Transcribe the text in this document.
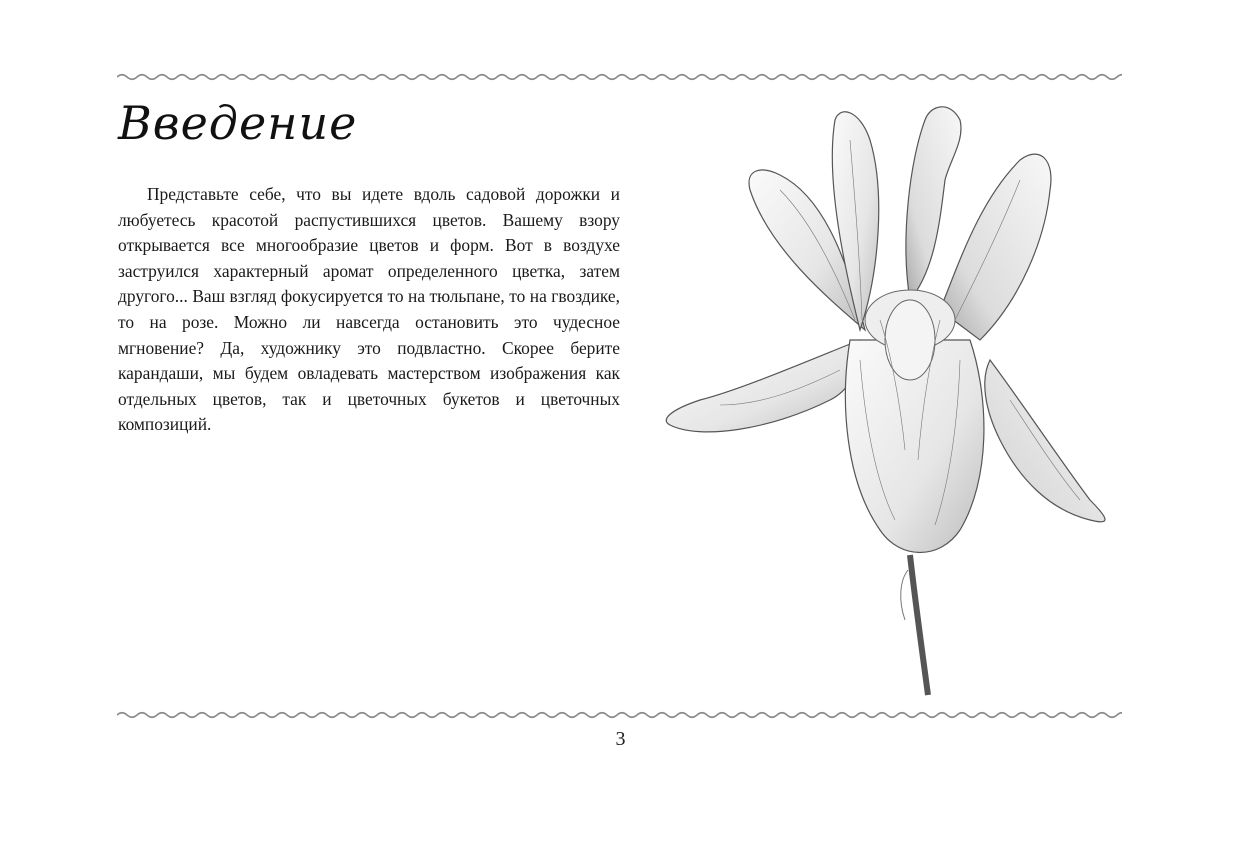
Введение

Представьте себе, что вы идете вдоль садовой дорожки и любуетесь красотой распустившихся цветов. Вашему взору открывается все многообразие цветов и форм. Вот в воздухе заструился характерный аромат определенного цветка, затем другого... Ваш взгляд фокусируется то на тюльпане, то на гвоздике, то на розе. Можно ли навсегда остановить это чудесное мгновение? Да, художнику это подвластно. Скорее берите карандаши, мы будем овладевать мастерством изображения как отдельных цветов, так и цветочных букетов и цветочных композиций.

3
